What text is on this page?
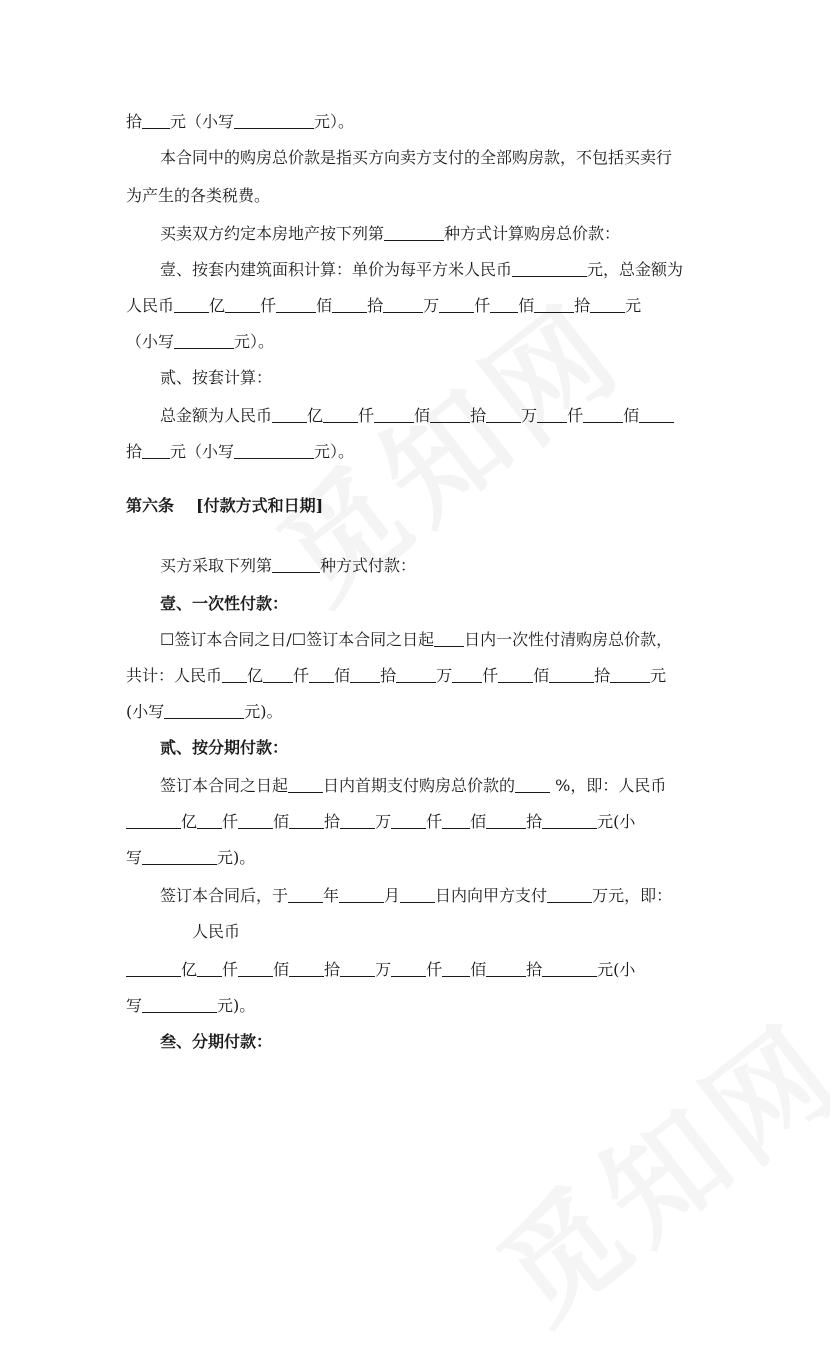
拾 元（小写	元）。
本合同中的购房总价款是指买方向卖方支付的全部购房款，不包括买卖行
为产生的各类税费。
买卖双方约定本房地产按下列第	种方式计算购房总价款：
壹、按套内建筑面积计算：单价为每平方米人民币	元，总金额为
人民币 亿 仟	佰 拾	万 仟 佰	拾 元
（小写	元）。
贰、按套计算：
总金额为人民币 亿 仟	佰	拾 万 仟	佰
拾 元（小写	元）。
第六条 [付款方式和日期]
买方采取下列第	种方式付款：
壹、一次性付款：
☐签订本合同之日/☐签订本合同之日起 日内一次性付清购房总价款，
共计：人民币 亿 仟 佰 拾	万 仟 佰	拾	元
(小写	元)。
贰、按分期付款：
签订本合同之日起 日内首期支付购房总价款的 %，即：人民币
亿 仟 佰 拾 万 仟 佰	拾	元(小
写	元)。
签订本合同后，于 年	月 日内向甲方支付	万元，即：
人民币
亿 仟 佰 拾 万 仟 佰	拾	元(小
写	元)。
叁、分期付款：
